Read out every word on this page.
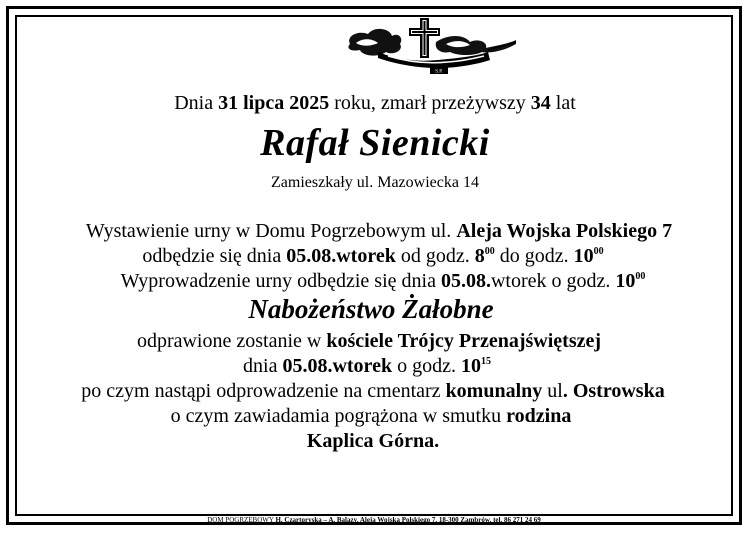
S.P.
Dnia 31 lipca 2025 roku, zmarł przeżywszy 34 lat
Rafał Sienicki
Zamieszkały ul. Mazowiecka 14
Wystawienie urny w Domu Pogrzebowym ul. Aleja Wojska Polskiego 7
odbędzie się dnia 05.08.wtorek od godz. $8^{00}$ do godz. $10^{00}$
Wyprowadzenie urny odbędzie się dnia 05.08.wtorek o godz. $10^{00}$
Nabożeństwo Żałobne
odprawione zostanie w kościele Trójcy Przenajświętszej
dnia 05.08.wtorek o godz. $10^{15}$
po czym nastąpi odprowadzenie na cmentarz komunalny ul. Ostrowska
o czym zawiadamia pogrążona w smutku rodzina
Kaplica Górna.
DOM POGRZEBOWY H. Czartoryska – A. Balazy, Aleja Wojska Polskiego 7, 18-300 Zambrów, tel. 86 271 24 69
